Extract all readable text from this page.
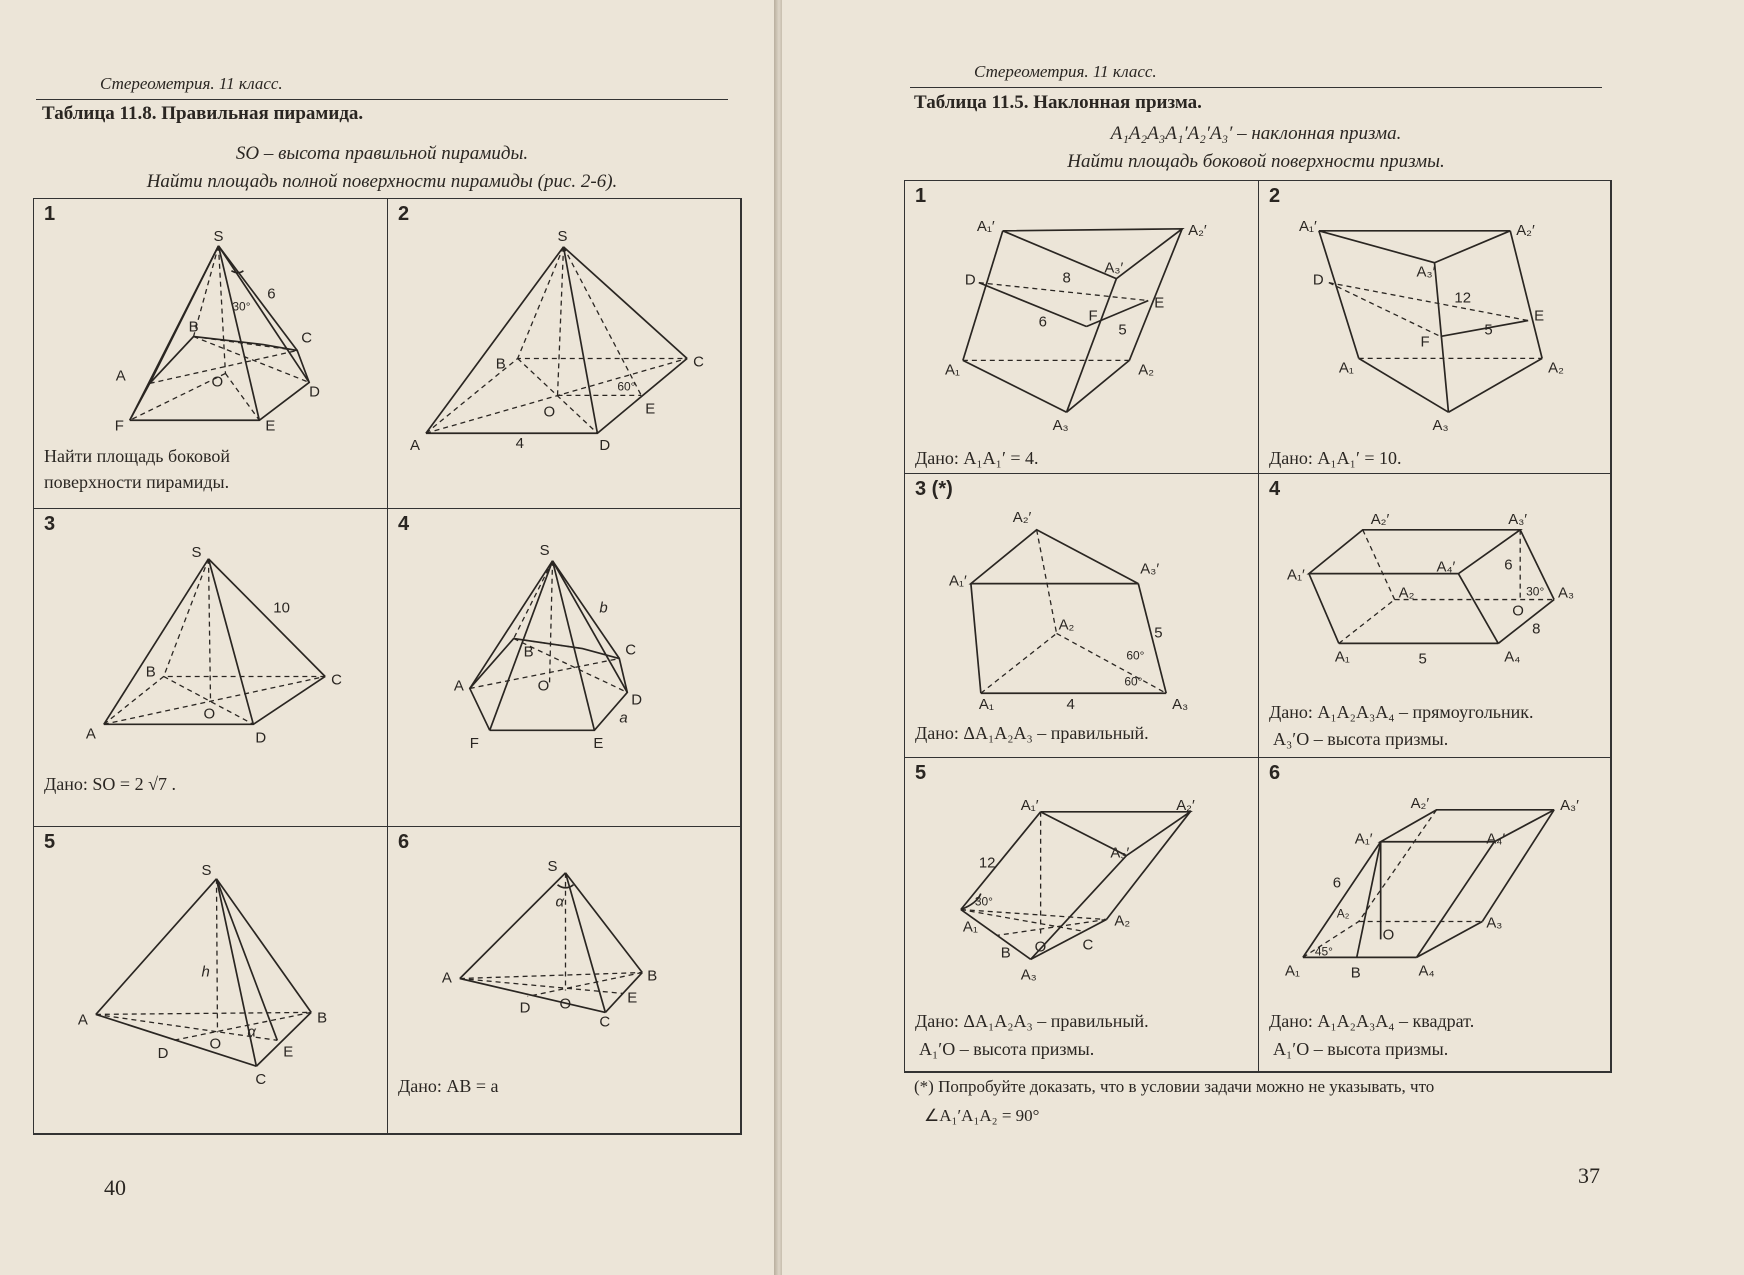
Стереометрия. 11 класс.
Таблица 11.8. Правильная пирамида.
SO – высота правильной пирамиды.
Найти площадь полной поверхности пирамиды (рис. 2-6).
1
S
A
B
C
D
E
F
O
6
30°
Найти площадь боковой поверхности пирамиды.
2
S
A
B	C
D
E
O
4
60°
3
S
A
B	C
D
O
10
Дано: SO = 2 √7 .
4
S
A
B	C
D
E
F
O
b
a
5
S
A	B
C
D	E
O
h
α
6
S
A	B
C
D
E
O
α
Дано: AB = a
40
Стереометрия. 11 класс.
Таблица 11.5. Наклонная призма.
A₁A₂A₃A₁′A₂′A₃′ – наклонная призма.
Найти площадь боковой поверхности призмы.
1
A₁′	A₂′
A₃′
D
F
E
A₁	A₂
A₃
8
6	5
Дано: A₁A₁′ = 4.
2
A₁′	A₂′
A₃′
D
F
E
A₁	A₂
A₃
12
5
Дано: A₁A₁′ = 10.
3 (*)
A₂′
A₁′
A₃′
A₂
A₁	A₃
4
5
60°
60°
Дано: ΔA₁A₂A₃ – правильный.
4
A₂′	A₃′
A₁′	A₄′
A₂	A₃
O
A₁	A₄
5
6
8
30°
Дано: A₁A₂A₃A₄ – прямоугольник.
A₃′O – высота призмы.
5
A₁′	A₂′
A₃′
A₁	A₂
A₃
B	C
O
12
30°
Дано: ΔA₁A₂A₃ – правильный.
A₁′O – высота призмы.
6
A₂′	A₃′
A₁′	A₄′
A₂
A₃
A₁	A₄
B
O
6
45°
Дано: A₁A₂A₃A₄ – квадрат.
A₁′O – высота призмы.
(*) Попробуйте доказать, что в условии задачи можно не указывать, что
∠A₁′A₁A₂ = 90°
37
